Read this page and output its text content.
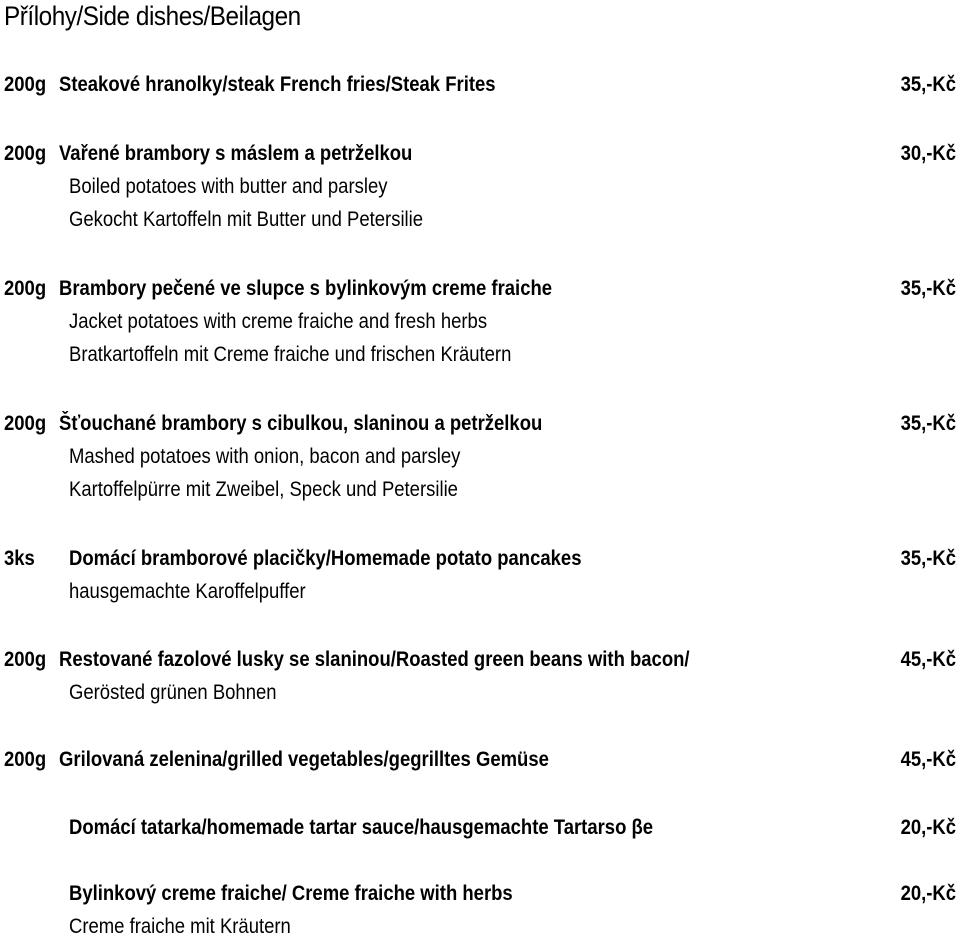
Přílohy/Side dishes/Beilagen
200g Steakové hranolky/steak French fries/Steak Frites	35,-Kč
200g Vařené brambory s máslem a petrželkou	30,-Kč
Boiled potatoes with butter and parsley
Gekocht Kartoffeln mit Butter und Petersilie
200g Brambory pečené ve slupce s bylinkovým creme fraiche	35,-Kč
Jacket potatoes with creme fraiche and fresh herbs
Bratkartoffeln mit Creme fraiche und frischen Kräutern
200g Šťouchané brambory s cibulkou, slaninou a petrželkou	35,-Kč
Mashed potatoes with onion, bacon and parsley
Kartoffelpürre mit Zweibel, Speck und Petersilie
3ks Domácí bramborové placičky/Homemade potato pancakes	35,-Kč
hausgemachte Karoffelpuffer
200g Restované fazolové lusky se slaninou/Roasted green beans with bacon/	45,-Kč
Gerösted grünen Bohnen
200g Grilovaná zelenina/grilled vegetables/gegrilltes Gemüse	45,-Kč
Domácí tatarka/homemade tartar sauce/hausgemachte Tartarso βe	20,-Kč
Bylinkový creme fraiche/ Creme fraiche with herbs	20,-Kč
Creme fraiche mit Kräutern
